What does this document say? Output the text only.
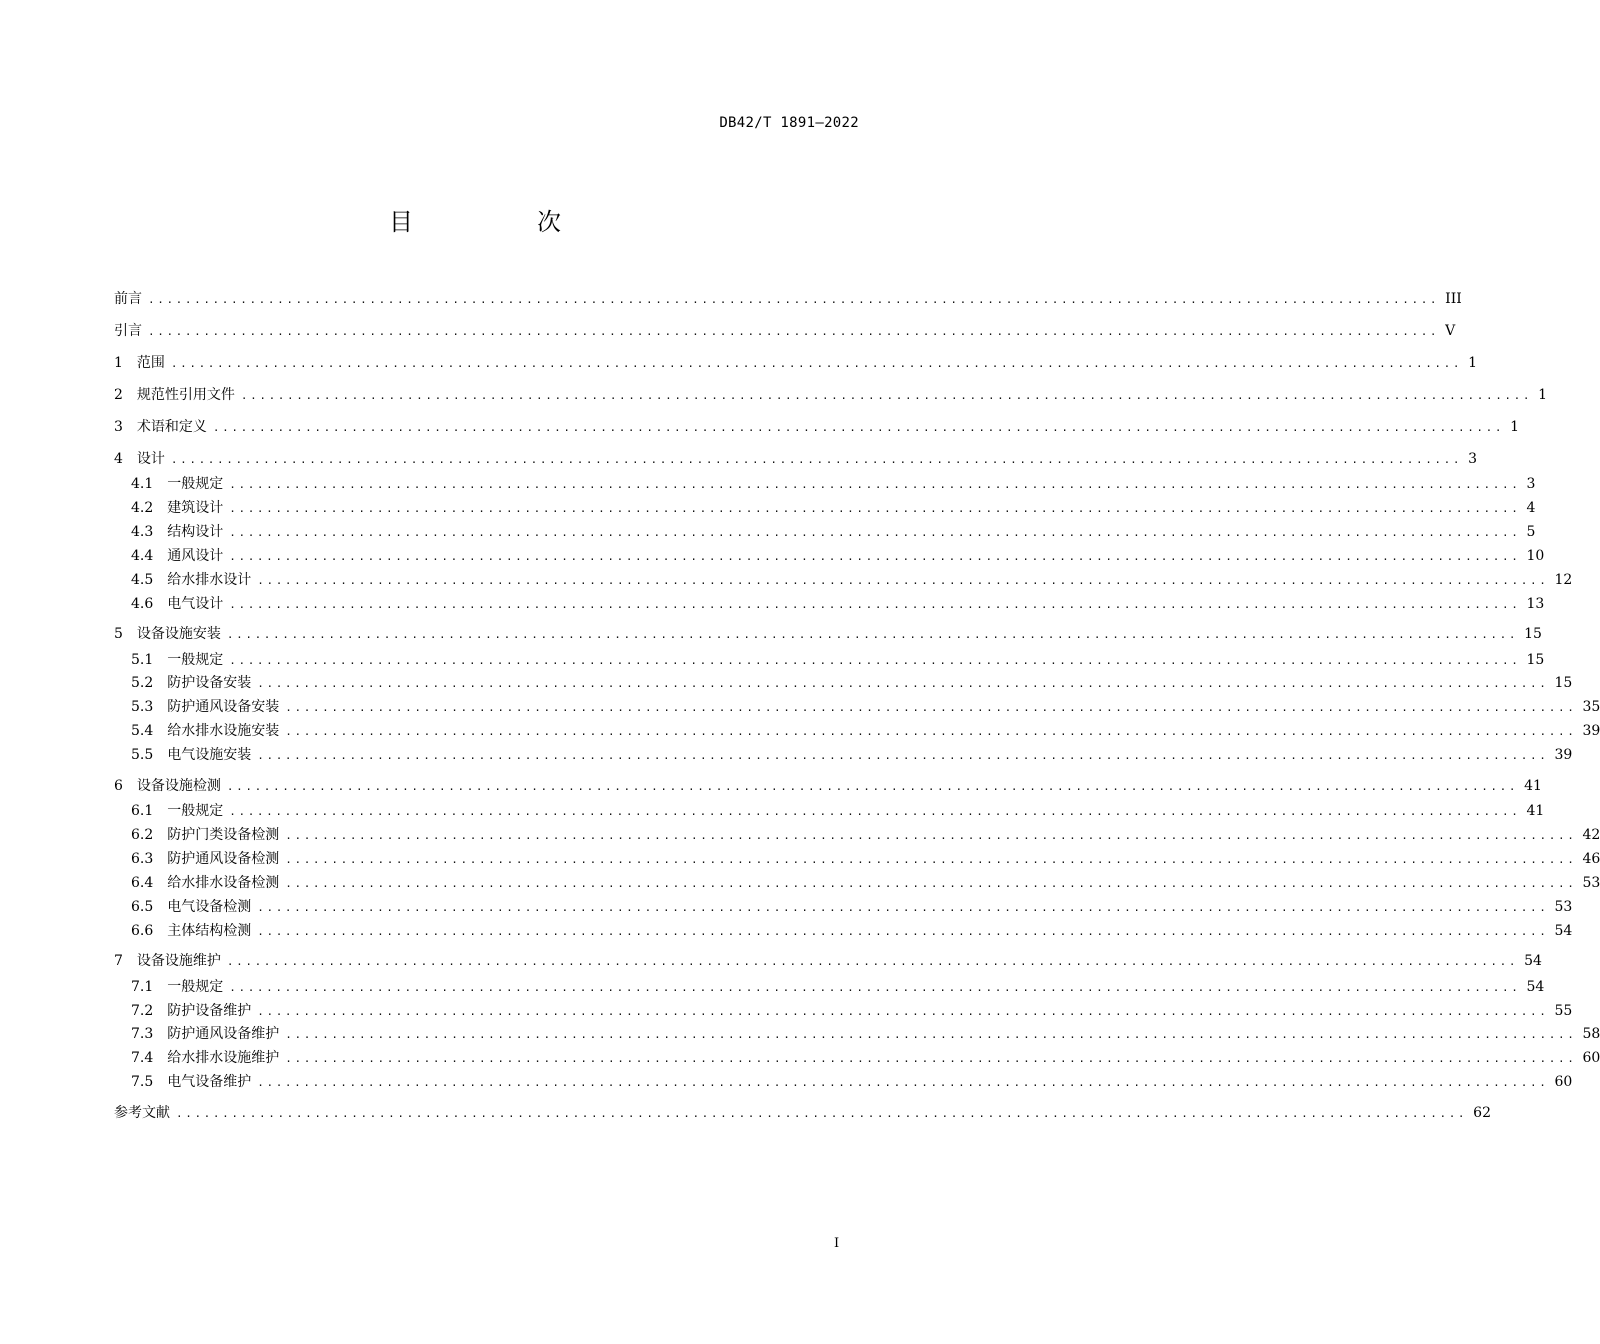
DB42/T 1891—2022
目　次
前言 ............................................................................................................................................ III
引言 ............................................................................................................................................ V
1 范围 ............................................................................................................................................ 1
2 规范性引用文件 ............................................................................................................................................ 1
3 术语和定义 ............................................................................................................................................ 1
4 设计 ............................................................................................................................................ 3
4.1 一般规定 ............................................................................................................................................ 3
4.2 建筑设计 ............................................................................................................................................ 4
4.3 结构设计 ............................................................................................................................................ 5
4.4 通风设计 ............................................................................................................................................ 10
4.5 给水排水设计 ............................................................................................................................................ 12
4.6 电气设计 ............................................................................................................................................ 13
5 设备设施安装 ............................................................................................................................................ 15
5.1 一般规定 ............................................................................................................................................ 15
5.2 防护设备安装 ............................................................................................................................................ 15
5.3 防护通风设备安装 ............................................................................................................................................ 35
5.4 给水排水设施安装 ............................................................................................................................................ 39
5.5 电气设施安装 ............................................................................................................................................ 39
6 设备设施检测 ............................................................................................................................................ 41
6.1 一般规定 ............................................................................................................................................ 41
6.2 防护门类设备检测 ............................................................................................................................................ 42
6.3 防护通风设备检测 ............................................................................................................................................ 46
6.4 给水排水设备检测 ............................................................................................................................................ 53
6.5 电气设备检测 ............................................................................................................................................ 53
6.6 主体结构检测 ............................................................................................................................................ 54
7 设备设施维护 ............................................................................................................................................ 54
7.1 一般规定 ............................................................................................................................................ 54
7.2 防护设备维护 ............................................................................................................................................ 55
7.3 防护通风设备维护 ............................................................................................................................................ 58
7.4 给水排水设施维护 ............................................................................................................................................ 60
7.5 电气设备维护 ............................................................................................................................................ 60
参考文献 ............................................................................................................................................ 62
I
